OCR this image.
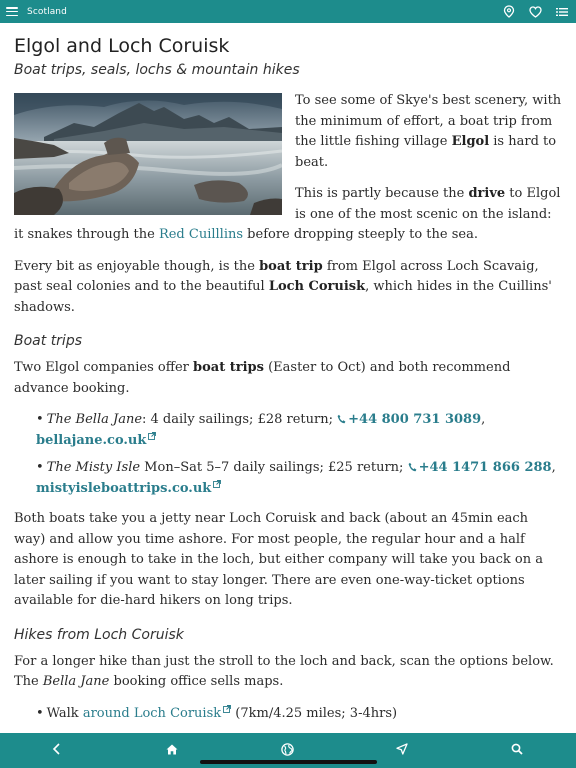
Scotland
Elgol and Loch Coruisk
Boat trips, seals, lochs & mountain hikes

To see some of Skye's best scenery, with the minimum of effort, a boat trip from the little fishing village Elgol is hard to beat.

This is partly because the drive to Elgol is one of the most scenic on the island: it snakes through the Red Cuilllins before dropping steeply to the sea.

Every bit as enjoyable though, is the boat trip from Elgol across Loch Scavaig, past seal colonies and to the beautiful Loch Coruisk, which hides in the Cuillins' shadows.

Boat trips

Two Elgol companies offer boat trips (Easter to Oct) and both recommend advance booking.

• The Bella Jane: 4 daily sailings; £28 return; +44 800 731 3089, bellajane.co.uk
• The Misty Isle Mon–Sat 5–7 daily sailings; £25 return; +44 1471 866 288, mistyisleboattrips.co.uk

Both boats take you a jetty near Loch Coruisk and back (about an 45min each way) and allow you time ashore. For most people, the regular hour and a half ashore is enough to take in the loch, but either company will take you back on a later sailing if you want to stay longer. There are even one-way-ticket options available for die-hard hikers on long trips.

Hikes from Loch Coruisk

For a longer hike than just the stroll to the loch and back, scan the options below. The Bella Jane booking office sells maps.

• Walk around Loch Coruisk (7km/4.25 miles; 3-4hrs)
